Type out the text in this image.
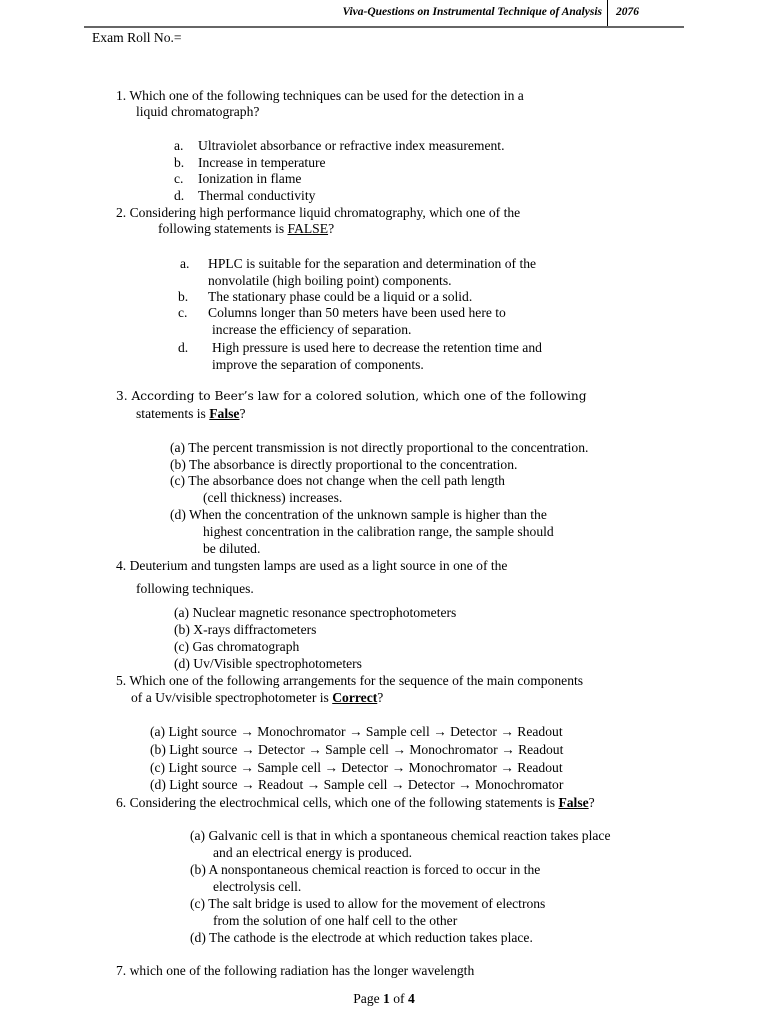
Viva-Questions on Instrumental Technique of Analysis 2076
Exam Roll No.=
1. Which one of the following techniques can be used for the detection in a
liquid chromatograph?
a. Ultraviolet absorbance or refractive index measurement.
b. Increase in temperature
c. Ionization in flame
d. Thermal conductivity
2. Considering high performance liquid chromatography, which one of the
following statements is FALSE?
a. HPLC is suitable for the separation and determination of the
nonvolatile (high boiling point) components.
b. The stationary phase could be a liquid or a solid.
c. Columns longer than 50 meters have been used here to
increase the efficiency of separation.
d. High pressure is used here to decrease the retention time and
improve the separation of components.
3. According to Beer’s law for a colored solution, which one of the following
statements is False?
(a) The percent transmission is not directly proportional to the concentration.
(b) The absorbance is directly proportional to the concentration.
(c) The absorbance does not change when the cell path length
(cell thickness) increases.
(d) When the concentration of the unknown sample is higher than the
highest concentration in the calibration range, the sample should
be diluted.
4. Deuterium and tungsten lamps are used as a light source in one of the
following techniques.
(a) Nuclear magnetic resonance spectrophotometers
(b) X-rays diffractometers
(c) Gas chromatograph
(d) Uv/Visible spectrophotometers
5. Which one of the following arrangements for the sequence of the main components
of a Uv/visible spectrophotometer is Correct?
(a) Light source → Monochromator → Sample cell → Detector → Readout
(b) Light source → Detector → Sample cell → Monochromator → Readout
(c) Light source → Sample cell → Detector → Monochromator → Readout
(d) Light source → Readout → Sample cell → Detector → Monochromator
6. Considering the electrochmical cells, which one of the following statements is False?
(a) Galvanic cell is that in which a spontaneous chemical reaction takes place
and an electrical energy is produced.
(b) A nonspontaneous chemical reaction is forced to occur in the
electrolysis cell.
(c) The salt bridge is used to allow for the movement of electrons
from the solution of one half cell to the other
(d) The cathode is the electrode at which reduction takes place.
7. which one of the following radiation has the longer wavelength
Page 1 of 4
